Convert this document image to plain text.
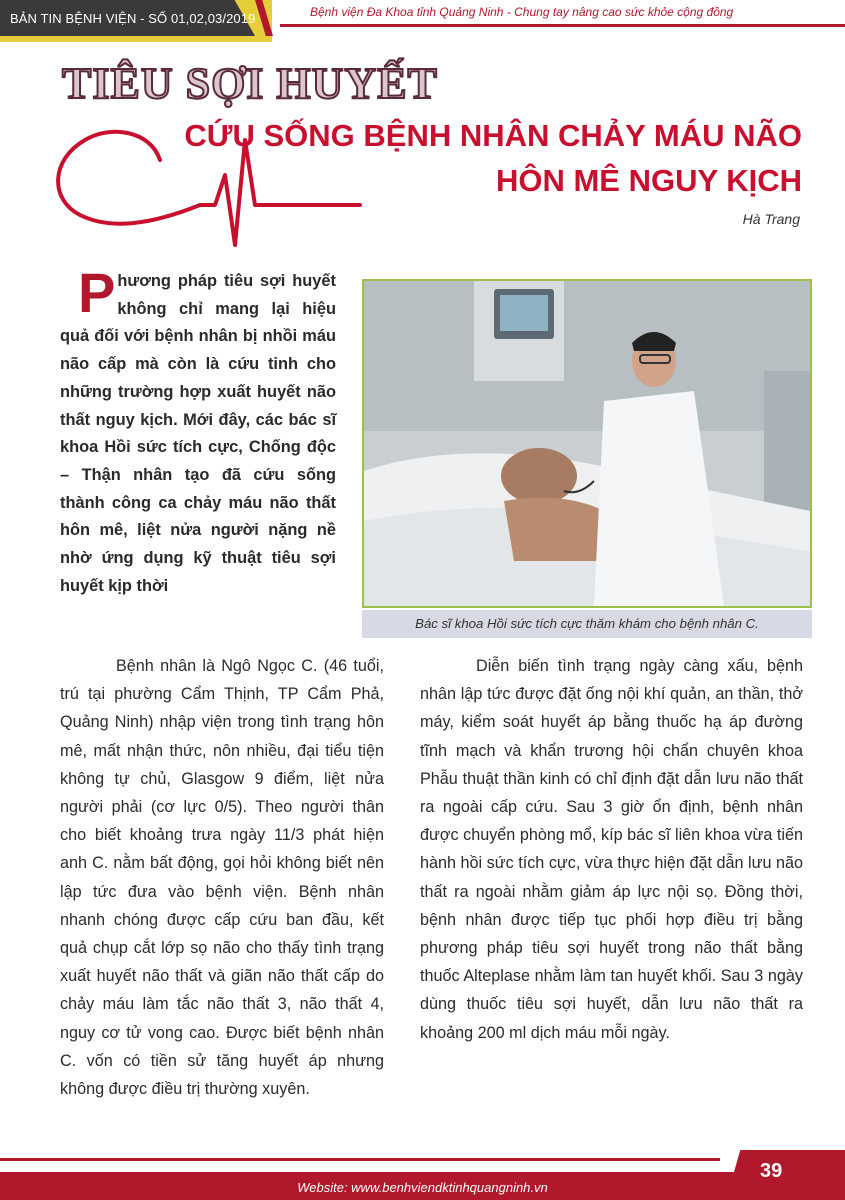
BẢN TIN BỆNH VIỆN - SỐ 01,02,03/2019	Bệnh viện Đa Khoa tỉnh Quảng Ninh - Chung tay nâng cao sức khỏe cộng đồng
TIÊU SỢI HUYẾT
CỨU SỐNG BỆNH NHÂN CHẢY MÁU NÃO
HÔN MÊ NGUY KỊCH
Hà Trang
Phương pháp tiêu sợi huyết không chỉ mang lại hiệu quả đối với bệnh nhân bị nhồi máu não cấp mà còn là cứu tinh cho những trường hợp xuất huyết não thất nguy kịch. Mới đây, các bác sĩ khoa Hồi sức tích cực, Chống độc – Thận nhân tạo đã cứu sống thành công ca chảy máu não thất hôn mê, liệt nửa người nặng nề nhờ ứng dụng kỹ thuật tiêu sợi huyết kịp thời
Bác sĩ khoa Hồi sức tích cực thăm khám cho bệnh nhân C.

Bệnh nhân là Ngô Ngọc C. (46 tuổi, trú tại phường Cẩm Thịnh, TP Cẩm Phả, Quảng Ninh) nhập viện trong tình trạng hôn mê, mất nhận thức, nôn nhiều, đại tiểu tiện không tự chủ, Glasgow 9 điểm, liệt nửa người phải (cơ lực 0/5). Theo người thân cho biết khoảng trưa ngày 11/3 phát hiện anh C. nằm bất động, gọi hỏi không biết nên lập tức đưa vào bệnh viện. Bệnh nhân nhanh chóng được cấp cứu ban đầu, kết quả chụp cắt lớp sọ não cho thấy tình trạng xuất huyết não thất và giãn não thất cấp do chảy máu làm tắc não thất 3, não thất 4, nguy cơ tử vong cao. Được biết bệnh nhân C. vốn có tiền sử tăng huyết áp nhưng không được điều trị thường xuyên.

Diễn biến tình trạng ngày càng xấu, bệnh nhân lập tức được đặt ống nội khí quản, an thần, thở máy, kiểm soát huyết áp bằng thuốc hạ áp đường tĩnh mạch và khẩn trương hội chẩn chuyên khoa Phẫu thuật thần kinh có chỉ định đặt dẫn lưu não thất ra ngoài cấp cứu. Sau 3 giờ ổn định, bệnh nhân được chuyển phòng mổ, kíp bác sĩ liên khoa vừa tiến hành hồi sức tích cực, vừa thực hiện đặt dẫn lưu não thất ra ngoài nhằm giảm áp lực nội sọ. Đồng thời, bệnh nhân được tiếp tục phối hợp điều trị bằng phương pháp tiêu sợi huyết trong não thất bằng thuốc Alteplase nhằm làm tan huyết khối. Sau 3 ngày dùng thuốc tiêu sợi huyết, dẫn lưu não thất ra khoảng 200 ml dịch máu mỗi ngày.

39
Website: www.benhviendktinhquangninh.vn
